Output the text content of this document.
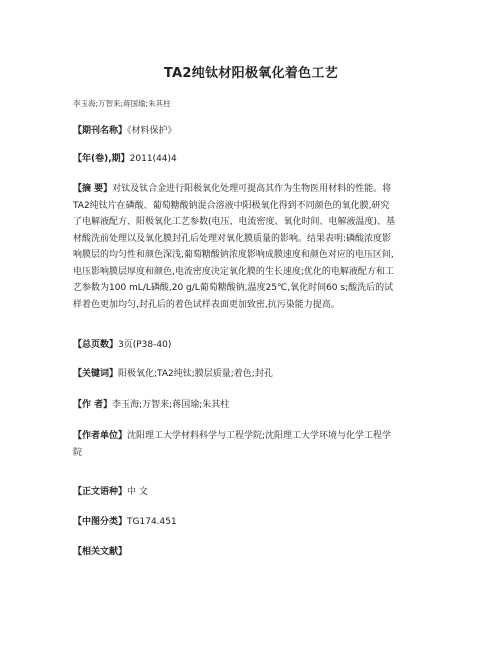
TA2纯钛材阳极氧化着色工艺
李玉海;万智来;蒋国瑜;朱其柱
【期刊名称】《材料保护》
【年(卷),期】2011(44)4
【摘 要】对钛及钛合金进行阳极氧化处理可提高其作为生物医用材料的性能。将
TA2纯钛片在磷酸、葡萄糖酸钠混合溶液中阳极氧化得到不同颜色的氧化膜,研究
了电解液配方、阳极氧化工艺参数(电压、电流密度、氧化时间、电解液温度)、基
材酸洗前处理以及氧化膜封孔后处理对氧化膜质量的影响。结果表明:磷酸浓度影
响膜层的均匀性和颜色深浅,葡萄糖酸钠浓度影响成膜速度和颜色对应的电压区间,
电压影响膜层厚度和颜色,电流密度决定氧化膜的生长速度;优化的电解液配方和工
艺参数为100 mL/L磷酸,20 g/L葡萄糖酸钠,温度25℃,氧化时间60 s;酸洗后的试
样着色更加均匀,封孔后的着色试样表面更加致密,抗污染能力提高。
【总页数】3页(P38-40)
【关键词】阳极氧化;TA2纯钛;膜层质量;着色;封孔
【作 者】李玉海;万智来;蒋国瑜;朱其柱
【作者单位】沈阳理工大学材料科学与工程学院;沈阳理工大学环境与化学工程学
院
【正文语种】中 文
【中图分类】TG174.451
【相关文献】
